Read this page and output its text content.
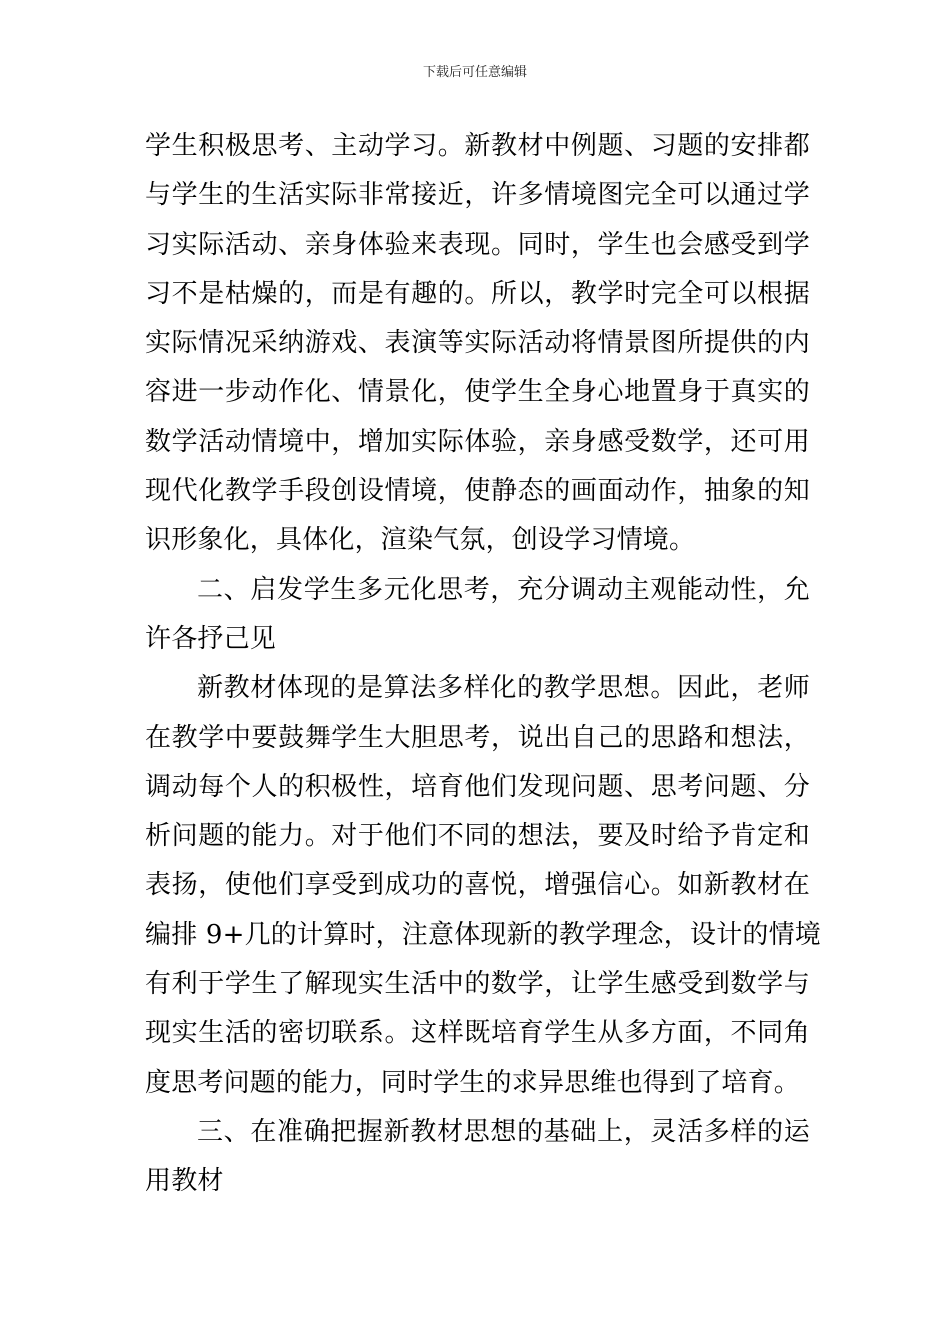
下载后可任意编辑
学生积极思考、主动学习。新教材中例题、习题的安排都
与学生的生活实际非常接近，许多情境图完全可以通过学
习实际活动、亲身体验来表现。同时，学生也会感受到学
习不是枯燥的，而是有趣的。所以，教学时完全可以根据
实际情况采纳游戏、表演等实际活动将情景图所提供的内
容进一步动作化、情景化，使学生全身心地置身于真实的
数学活动情境中，增加实际体验，亲身感受数学，还可用
现代化教学手段创设情境，使静态的画面动作，抽象的知
识形象化，具体化，渲染气氛，创设学习情境。
二、启发学生多元化思考，充分调动主观能动性，允
许各抒己见
新教材体现的是算法多样化的教学思想。因此，老师
在教学中要鼓舞学生大胆思考，说出自己的思路和想法，
调动每个人的积极性，培育他们发现问题、思考问题、分
析问题的能力。对于他们不同的想法，要及时给予肯定和
表扬，使他们享受到成功的喜悦，增强信心。如新教材在
编排 9+几的计算时，注意体现新的教学理念，设计的情境
有利于学生了解现实生活中的数学，让学生感受到数学与
现实生活的密切联系。这样既培育学生从多方面，不同角
度思考问题的能力，同时学生的求异思维也得到了培育。
三、在准确把握新教材思想的基础上，灵活多样的运
用教材
